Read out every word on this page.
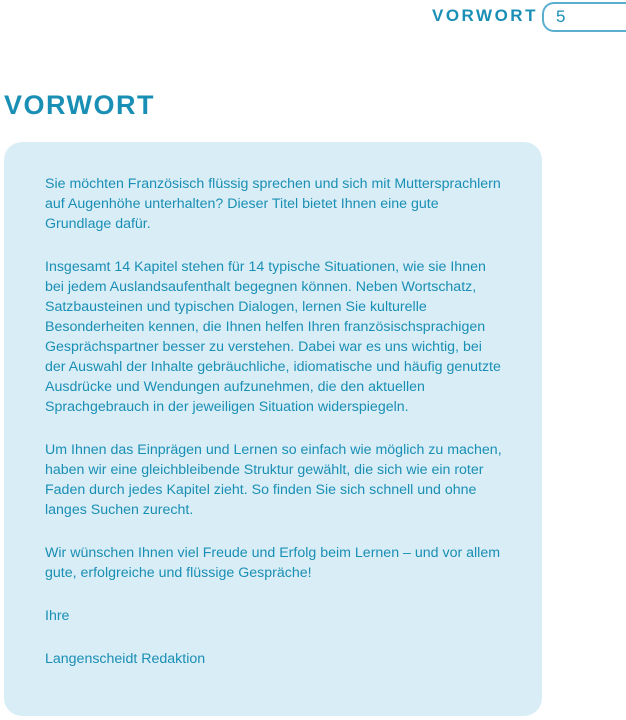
VORWORT 5
VORWORT

Sie möchten Französisch flüssig sprechen und sich mit Muttersprachlern auf Augenhöhe unterhalten? Dieser Titel bietet Ihnen eine gute Grundlage dafür.

Insgesamt 14 Kapitel stehen für 14 typische Situationen, wie sie Ihnen bei jedem Auslandsaufenthalt begegnen können. Neben Wortschatz, Satzbausteinen und typischen Dialogen, lernen Sie kulturelle Besonderheiten kennen, die Ihnen helfen Ihren französischsprachigen Gesprächspartner besser zu verstehen. Dabei war es uns wichtig, bei der Auswahl der Inhalte gebräuchliche, idiomatische und häufig genutzte Ausdrücke und Wendungen aufzunehmen, die den aktuellen Sprachgebrauch in der jeweiligen Situation widerspiegeln.

Um Ihnen das Einprägen und Lernen so einfach wie möglich zu machen, haben wir eine gleichbleibende Struktur gewählt, die sich wie ein roter Faden durch jedes Kapitel zieht. So finden Sie sich schnell und ohne langes Suchen zurecht.

Wir wünschen Ihnen viel Freude und Erfolg beim Lernen – und vor allem gute, erfolgreiche und flüssige Gespräche!

Ihre

Langenscheidt Redaktion
